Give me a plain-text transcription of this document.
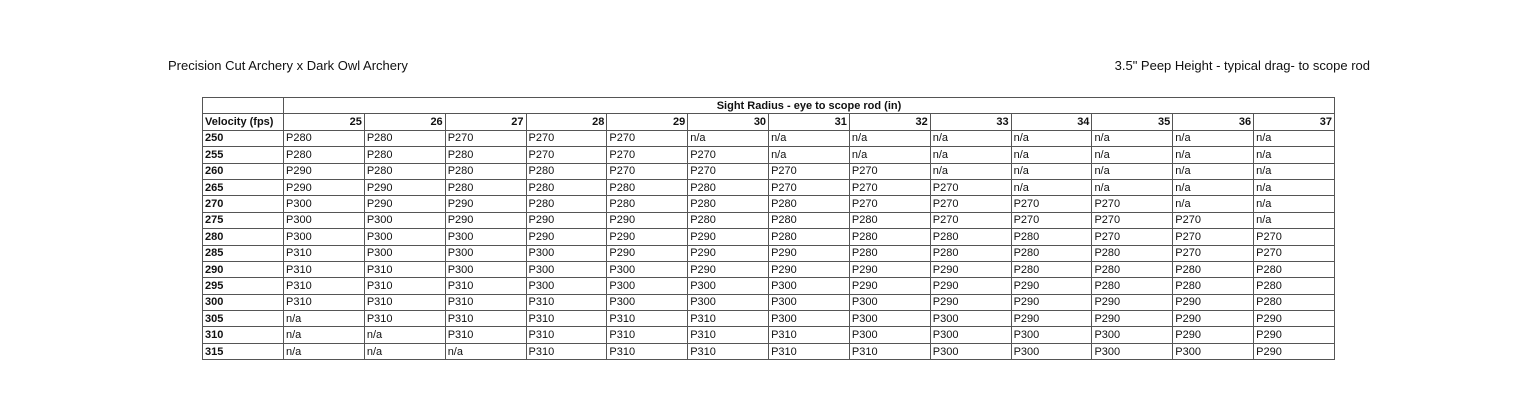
Precision Cut Archery x Dark Owl Archery	3.5" Peep Height - typical drag- to scope rod
	Sight Radius - eye to scope rod (in)												
Velocity (fps)	25	26	27	28	29	30	31	32	33	34	35	36	37
250	P280	P280	P270	P270	P270	n/a	n/a	n/a	n/a	n/a	n/a	n/a	n/a
255	P280	P280	P280	P270	P270	P270	n/a	n/a	n/a	n/a	n/a	n/a	n/a
260	P290	P280	P280	P280	P270	P270	P270	P270	n/a	n/a	n/a	n/a	n/a
265	P290	P290	P280	P280	P280	P280	P270	P270	P270	n/a	n/a	n/a	n/a
270	P300	P290	P290	P280	P280	P280	P280	P270	P270	P270	P270	n/a	n/a
275	P300	P300	P290	P290	P290	P280	P280	P280	P270	P270	P270	P270	n/a
280	P300	P300	P300	P290	P290	P290	P280	P280	P280	P280	P270	P270	P270
285	P310	P300	P300	P300	P290	P290	P290	P280	P280	P280	P280	P270	P270
290	P310	P310	P300	P300	P300	P290	P290	P290	P290	P280	P280	P280	P280
295	P310	P310	P310	P300	P300	P300	P300	P290	P290	P290	P280	P280	P280
300	P310	P310	P310	P310	P300	P300	P300	P300	P290	P290	P290	P290	P280
305	n/a	P310	P310	P310	P310	P310	P300	P300	P300	P290	P290	P290	P290
310	n/a	n/a	P310	P310	P310	P310	P310	P300	P300	P300	P300	P290	P290
315	n/a	n/a	n/a	P310	P310	P310	P310	P310	P300	P300	P300	P300	P290
